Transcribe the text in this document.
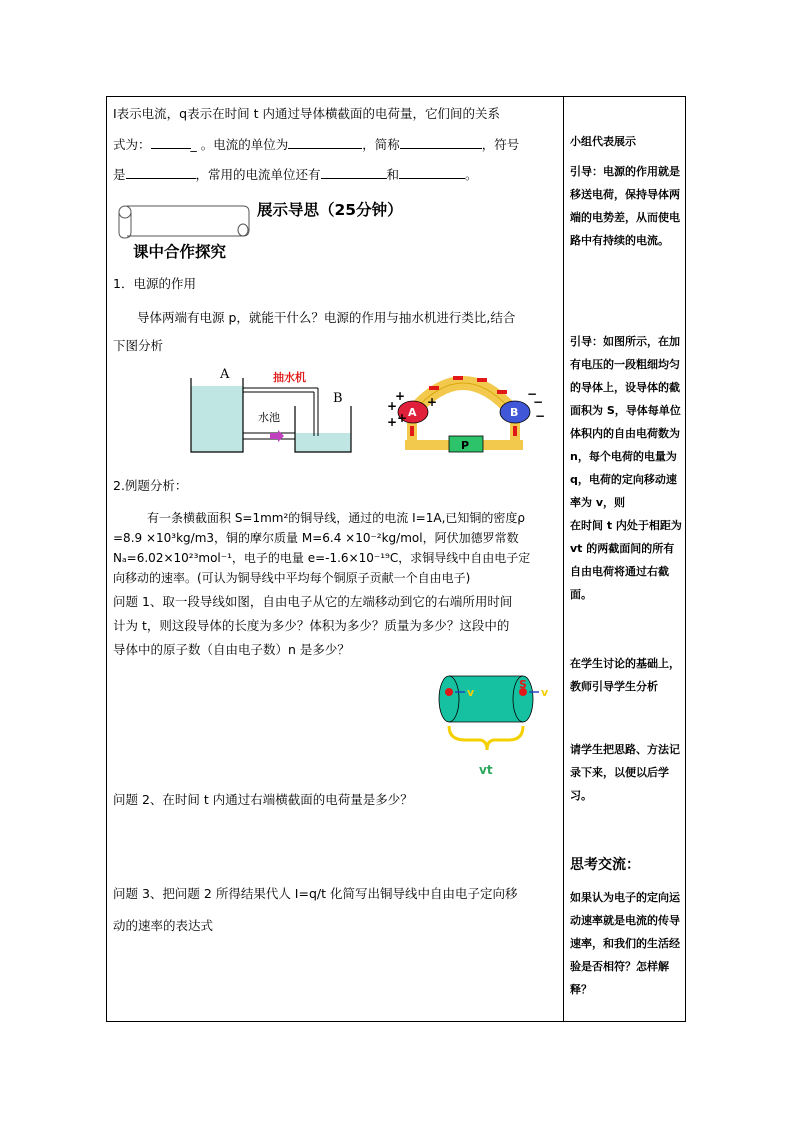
I表示电流，q表示在时间 t 内通过导体横截面的电荷量，它们间的关系
式为：	_ 。电流的单位为	，简称	，符号
是	，常用的电流单位还有	和	。
展示导思（25分钟）
课中合作探究
1．电源的作用
导体两端有电源 p，就能干什么？电源的作用与抽水机进行类比,结合
下图分析
A
B
抽水机
水池
P
A	B
+
+
+
+
+
−
−
−
2.例题分析：
有一条横截面积 S=1mm²的铜导线，通过的电流 I=1A,已知铜的密度ρ
=8.9 ×10³kg/m3，铜的摩尔质量 M=6.4 ×10⁻²kg/mol，阿伏加德罗常数
Nₐ=6.02×10²³mol⁻¹，电子的电量 e=-1.6×10⁻¹⁹C，求铜导线中自由电子定
向移动的速率。(可认为铜导线中平均每个铜原子贡献一个自由电子)
问题 1、取一段导线如图，自由电子从它的左端移动到它的右端所用时间
计为 t，则这段导体的长度为多少？体积为多少？质量为多少？这段中的
导体中的原子数（自由电子数）n 是多少？
v
S
v
vt
问题 2、在时间 t 内通过右端横截面的电荷量是多少？
问题 3、把问题 2 所得结果代人 I=q/t 化简写出铜导线中自由电子定向移
动的速率的表达式
小组代表展示
引导：电源的作用就是移送电荷，保持导体两端的电势差，从而使电路中有持续的电流。
引导：如图所示，在加有电压的一段粗细均匀的导体上，设导体的截面积为 S，导体每单位体积内的自由电荷数为 n，每个电荷的电量为 q，电荷的定向移动速率为 v，则
在时间 t 内处于相距为 vt 的两截面间的所有自由电荷将通过右截面。
在学生讨论的基础上，教师引导学生分析
请学生把思路、方法记录下来，以便以后学习。
思考交流：
如果认为电子的定向运动速率就是电流的传导速率，和我们的生活经验是否相符？怎样解释？
